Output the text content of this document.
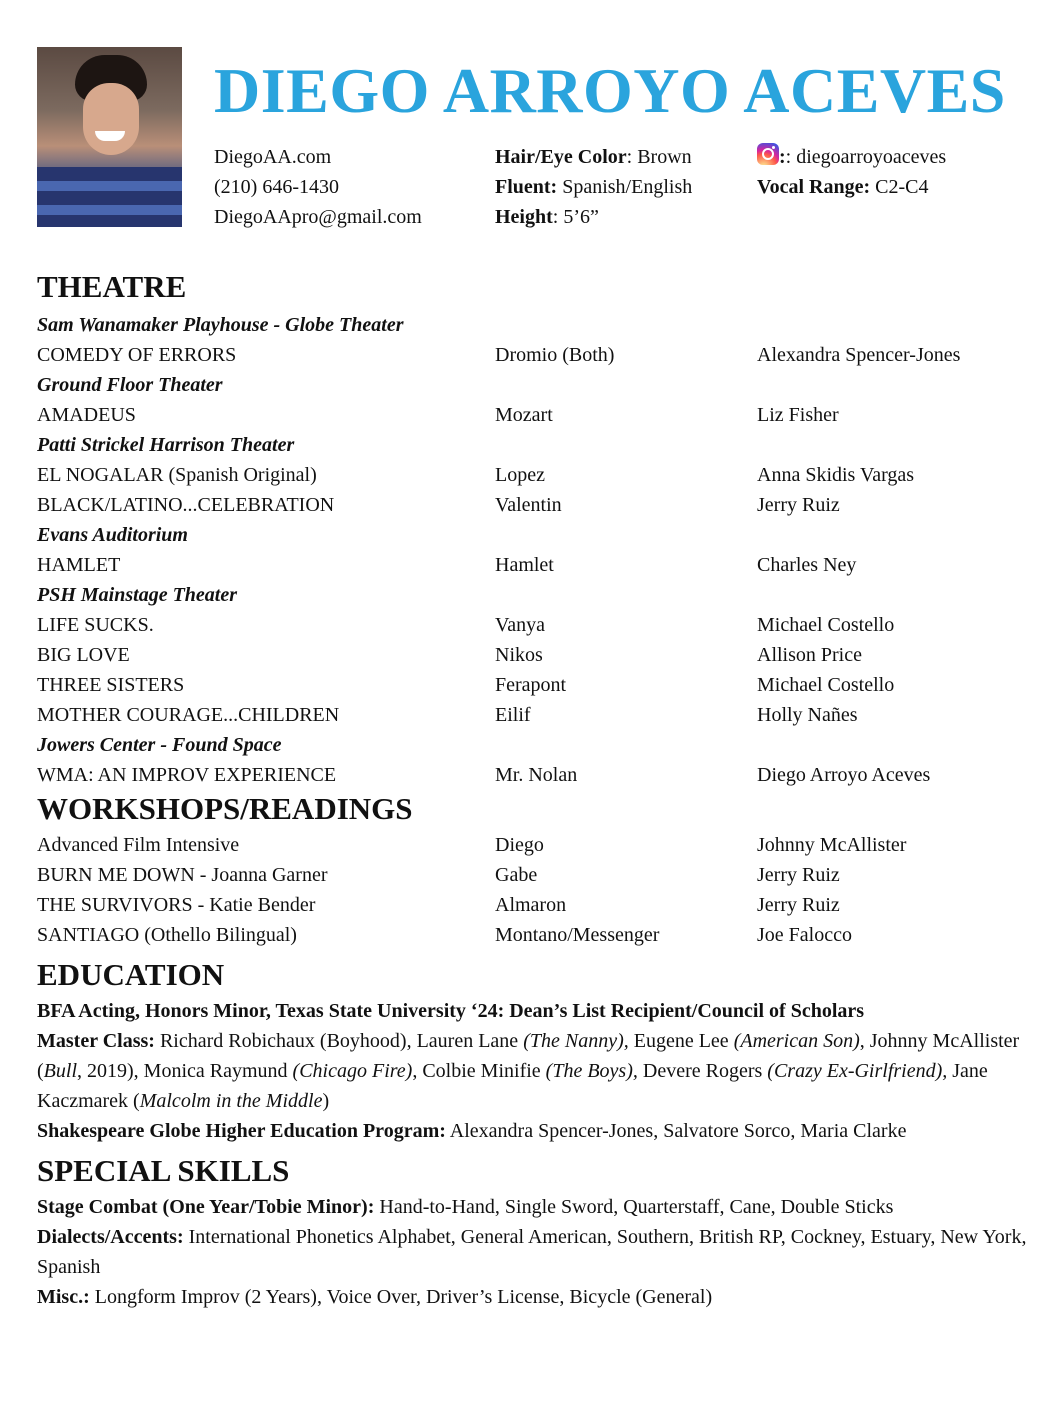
DIEGO ARROYO ACEVES
DiegoAA.com
(210) 646-1430
DiegoAApro@gmail.com
Hair/Eye Color: Brown
Fluent: Spanish/English
Height: 5’6”
:: diegoarroyoaceves
Vocal Range: C2-C4
THEATRE
Sam Wanamaker Playhouse - Globe Theater
COMEDY OF ERRORS	Dromio (Both)	Alexandra Spencer-Jones
Ground Floor Theater
AMADEUS	Mozart	Liz Fisher
Patti Strickel Harrison Theater
EL NOGALAR (Spanish Original)	Lopez	Anna Skidis Vargas
BLACK/LATINO...CELEBRATION	Valentin	Jerry Ruiz
Evans Auditorium
HAMLET	Hamlet	Charles Ney
PSH Mainstage Theater
LIFE SUCKS.	Vanya	Michael Costello
BIG LOVE	Nikos	Allison Price
THREE SISTERS	Ferapont	Michael Costello
MOTHER COURAGE...CHILDREN	Eilif	Holly Nañes
Jowers Center - Found Space
WMA: AN IMPROV EXPERIENCE	Mr. Nolan	Diego Arroyo Aceves
WORKSHOPS/READINGS
Advanced Film Intensive	Diego	Johnny McAllister
BURN ME DOWN - Joanna Garner	Gabe	Jerry Ruiz
THE SURVIVORS - Katie Bender	Almaron	Jerry Ruiz
SANTIAGO (Othello Bilingual)	Montano/Messenger	Joe Falocco
EDUCATION
BFA Acting, Honors Minor, Texas State University ‘24: Dean’s List Recipient/Council of Scholars
Master Class: Richard Robichaux (Boyhood), Lauren Lane (The Nanny), Eugene Lee (American Son), Johnny McAllister (Bull, 2019), Monica Raymund (Chicago Fire), Colbie Minifie (The Boys), Devere Rogers (Crazy Ex-Girlfriend), Jane Kaczmarek (Malcolm in the Middle)
Shakespeare Globe Higher Education Program: Alexandra Spencer-Jones, Salvatore Sorco, Maria Clarke
SPECIAL SKILLS
Stage Combat (One Year/Tobie Minor): Hand-to-Hand, Single Sword, Quarterstaff, Cane, Double Sticks
Dialects/Accents: International Phonetics Alphabet, General American, Southern, British RP, Cockney, Estuary, New York, Spanish
Misc.: Longform Improv (2 Years), Voice Over, Driver’s License, Bicycle (General)
